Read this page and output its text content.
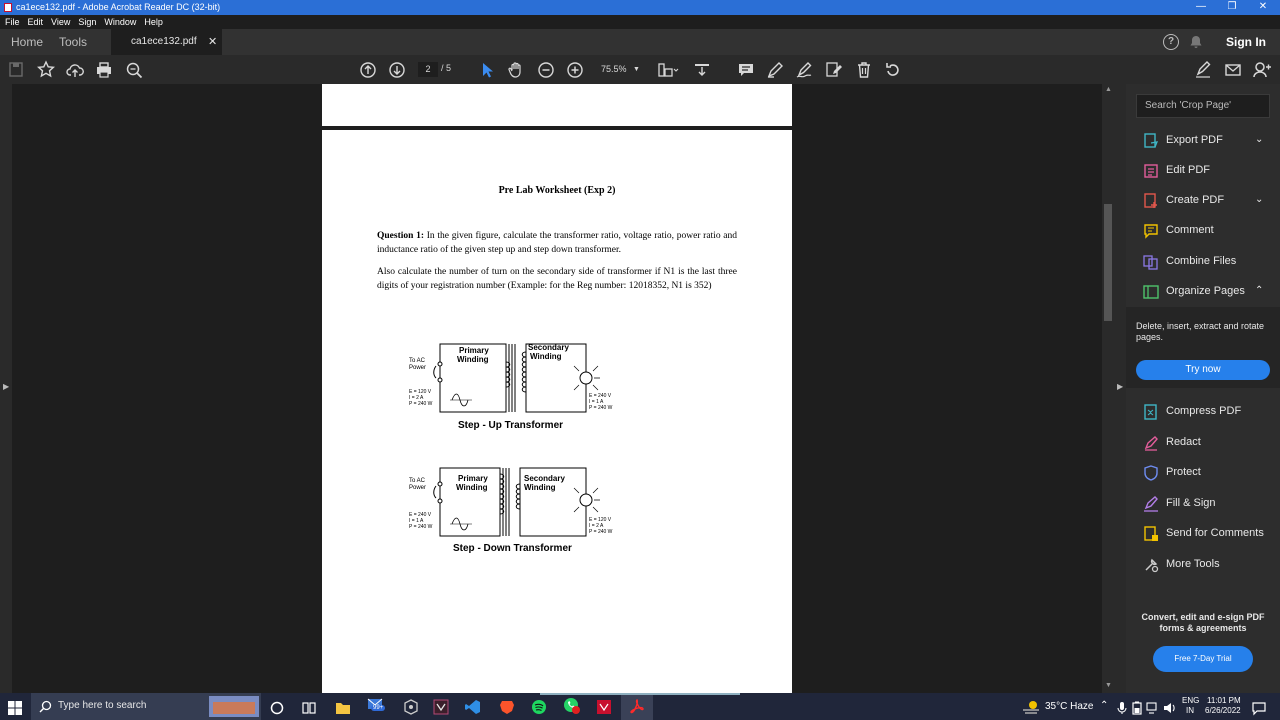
ca1ece132.pdf - Adobe Acrobat Reader DC (32-bit)	—	❐	✕
File Edit View Sign Window Help
Home Tools	ca1ece132.pdf ✕	?	Sign In
2	/ 5	75.5% ▼
▶
Pre Lab Worksheet (Exp 2)
Question 1: In the given figure, calculate the transformer ratio, voltage ratio, power ratio and inductance ratio of the given step up and step down transformer.
Also calculate the number of turn on the secondary side of transformer if N1 is the last three digits of your registration number (Example: for the Reg number: 12018352, N1 is 352)
To AC
Power
Primary
Winding
Secondary
Winding
E = 120 V
I = 2 A
P = 240 W
E = 240 V
I = 1 A
P = 240 W
Step - Up Transformer
To AC
Power
Primary
Winding
Secondary
Winding
E = 240 V
I = 1 A
P = 240 W
E = 120 V
I = 2 A
P = 240 W
Step - Down Transformer
▲
▼
▶
Search 'Crop Page'
Export PDF	⌄
Edit PDF
Create PDF	⌄
Comment
Combine Files
Organize Pages ⌃
Delete, insert, extract and rotate pages.
Try now
Compress PDF
Redact
Protect
Fill & Sign
Send for Comments
More Tools
Convert, edit and e-sign PDF forms & agreements
Free 7-Day Trial
Type here to search	99+	35°C Haze ⌃	ENG
IN
11:01 PM
6/26/2022
